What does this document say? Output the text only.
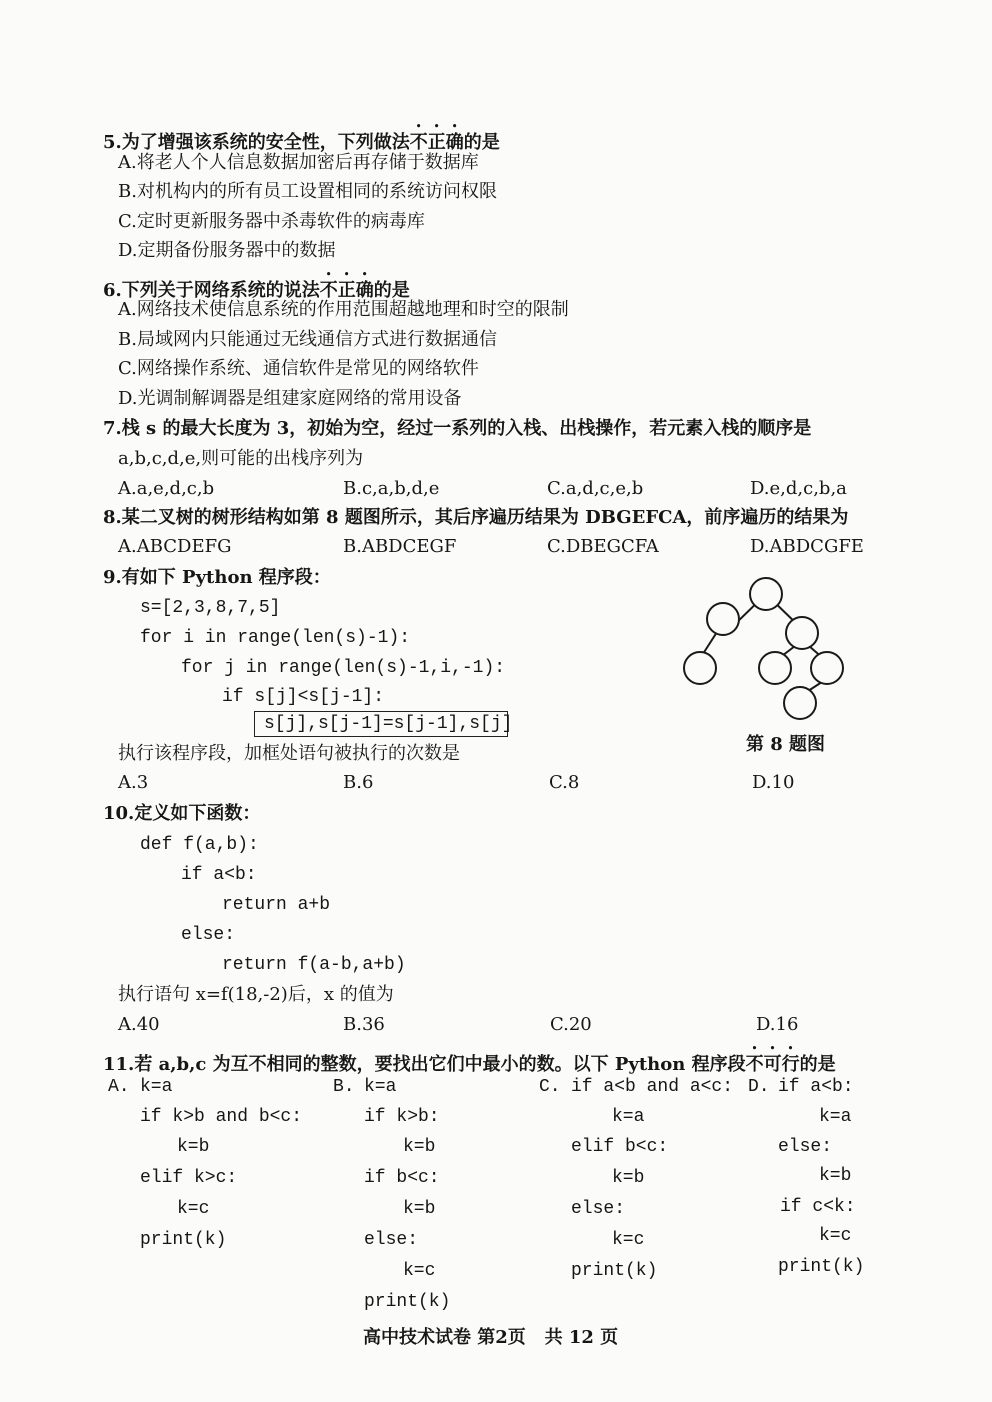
5.为了增强该系统的安全性，下列做法不正确的是
A.将老人个人信息数据加密后再存储于数据库
B.对机构内的所有员工设置相同的系统访问权限
C.定时更新服务器中杀毒软件的病毒库
D.定期备份服务器中的数据
6.下列关于网络系统的说法不正确的是
A.网络技术使信息系统的作用范围超越地理和时空的限制
B.局域网内只能通过无线通信方式进行数据通信
C.网络操作系统、通信软件是常见的网络软件
D.光调制解调器是组建家庭网络的常用设备
7.栈 s 的最大长度为 3，初始为空，经过一系列的入栈、出栈操作，若元素入栈的顺序是
a,b,c,d,e,则可能的出栈序列为
A.a,e,d,c,b	B.c,a,b,d,e	C.a,d,c,e,b	D.e,d,c,b,a
8.某二叉树的树形结构如第 8 题图所示，其后序遍历结果为 DBGEFCA，前序遍历的结果为
A.ABCDEFG	B.ABDCEGF	C.DBEGCFA	D.ABDCGFE
9.有如下 Python 程序段：
s=[2,3,8,7,5]
for i in range(len(s)-1):
for j in range(len(s)-1,i,-1):
if s[j]<s[j-1]:
s[j],s[j-1]=s[j-1],s[j]
执行该程序段，加框处语句被执行的次数是
A.3	B.6	C.8	D.10
第 8 题图
10.定义如下函数：
def f(a,b):
if a<b:
return a+b
else:
return f(a-b,a+b)
执行语句 x=f(18,-2)后，x 的值为
A.40	B.36	C.20	D.16
11.若 a,b,c 为互不相同的整数，要找出它们中最小的数。以下 Python 程序段不可行的是
A. k=a
if k>b and b<c:
k=b
elif k>c:
k=c
print(k)
B. k=a
if k>b:
k=b
if b<c:
k=b
else:
k=c
print(k)
C. if a<b and a<c:
k=a
elif b<c:
k=b
else:
k=c
print(k)
D. if a<b:
k=a
else:
k=b
if c<k:
k=c
print(k)
高中技术试卷 第2页   共 12 页
